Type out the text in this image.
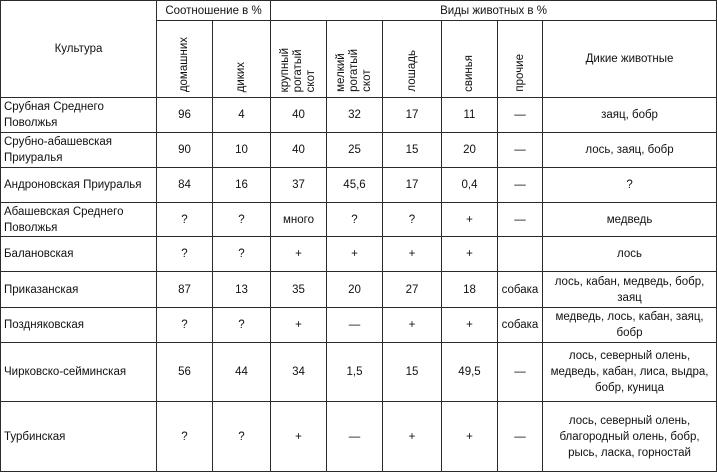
Культура	Соотношение в %		Виды животных в %					
	домашних	диких	крупный
рогатый
скот	мелкий
рогатый
скот	лошадь	свинья	прочие	Дикие животные
Срубная Среднего Поволжья	96	4	40	32	17	11	—	заяц, бобр
Срубно-абашевская Приуралья	90	10	40	25	15	20	—	лось, заяц, бобр
Андроновская Приуралья	84	16	37	45,6	17	0,4	—	?
Абашевская Среднего Поволжья	?	?	много	?	?	+	—	медведь
Балановская	?	?	+	+	+	+		лось
Приказанская	87	13	35	20	27	18	собака	лось, кабан, медведь, бобр, заяц
Поздняковская	?	?	+	—	+	+	собака	медведь, лось, кабан, заяц, бобр
Чирковско-сейминская	56	44	34	1,5	15	49,5	—	лось, северный олень, медведь, кабан, лиса, выдра, бобр, куница
Турбинская	?	?	+	—	+	+	—	лось, северный олень, благородный олень, бобр, рысь, ласка, горностай
